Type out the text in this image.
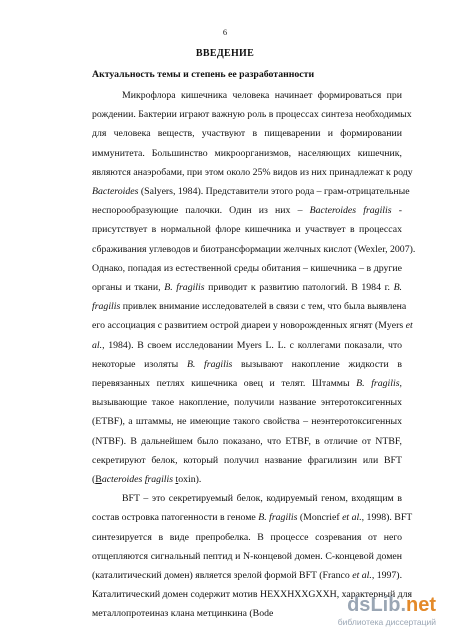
6
ВВЕДЕНИЕ
Актуальность темы и степень ее разработанности
Микрофлора кишечника человека начинает формироваться при
рождении. Бактерии играют важную роль в процессах синтеза необходимых
для человека веществ, участвуют в пищеварении и формировании
иммунитета. Большинство микроорганизмов, населяющих кишечник,
являются анаэробами, при этом около 25% видов из них принадлежат к роду
Bacteroides (Salyers, 1984). Представители этого рода – грам-отрицательные
неспорообразующие палочки. Один из них – Bacteroides fragilis -
присутствует в нормальной флоре кишечника и участвует в процессах
сбраживания углеводов и биотрансформации желчных кислот (Wexler, 2007).
Однако, попадая из естественной среды обитания – кишечника – в другие
органы и ткани, B. fragilis приводит к развитию патологий. В 1984 г. B.
fragilis привлек внимание исследователей в связи с тем, что была выявлена
его ассоциация с развитием острой диареи у новорожденных ягнят (Myers et
al., 1984). В своем исследовании Myers L. L. с коллегами показали, что
некоторые изоляты B. fragilis вызывают накопление жидкости в
перевязанных петлях кишечника овец и телят. Штаммы B. fragilis,
вызывающие такое накопление, получили название энтеротоксигенных
(ETBF), а штаммы, не имеющие такого свойства – неэнтеротоксигенных
(NTBF). В дальнейшем было показано, что ETBF, в отличие от NTBF,
секретируют белок, который получил название фрагилизин или BFT
(Bacteroides fragilis toxin).
BFT – это секретируемый белок, кодируемый геном, входящим в
состав островка патогенности в геноме B. fragilis (Moncrief et al., 1998). BFT
синтезируется в виде препробелка. В процессе созревания от него
отщепляются сигнальный пептид и N-концевой домен. С-концевой домен
(каталитический домен) является зрелой формой BFT (Franco et al., 1997).
Каталитический домен содержит мотив HEXXHXXGXXH, характерный для
металлопротеиназ клана метцинкина (Bode	dsLib.net
библиотека диссертаций
